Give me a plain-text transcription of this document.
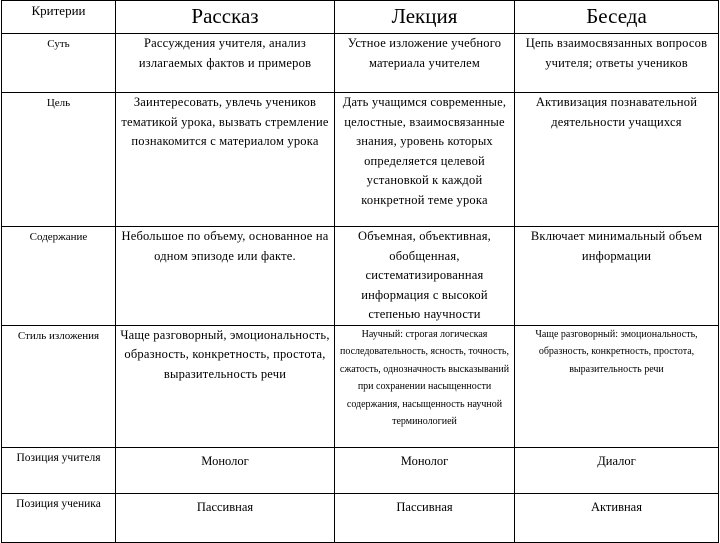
Критерии	Рассказ	Лекция	Беседа
Суть	Рассуждения учителя, анализ излагаемых фактов и примеров	Устное изложение учебного материала учителем	Цепь взаимосвязанных вопросов учителя; ответы учеников
Цель	Заинтересовать, увлечь учеников тематикой урока, вызвать стремление познакомится с материалом урока	Дать учащимся современные, целостные, взаимосвязанные знания, уровень которых определяется целевой установкой к каждой конкретной теме урока	Активизация познавательной деятельности учащихся
Содержание	Небольшое по объему, основанное на одном эпизоде или факте.	Объемная, объективная, обобщенная, систематизированная информация с высокой степенью научности	Включает минимальный объем информации
Стиль изложения	Чаще разговорный, эмоциональность, образность, конкретность, простота, выразительность речи	Научный: строгая логическая последовательность, ясность, точность, сжатость, однозначность высказываний при сохранении насыщенности содержания, насыщенность научной терминологией	Чаще разговорный: эмоциональность, образность, конкретность, простота, выразительность речи
Позиция учителя	Монолог	Монолог	Диалог
Позиция ученика	Пассивная	Пассивная	Активная
